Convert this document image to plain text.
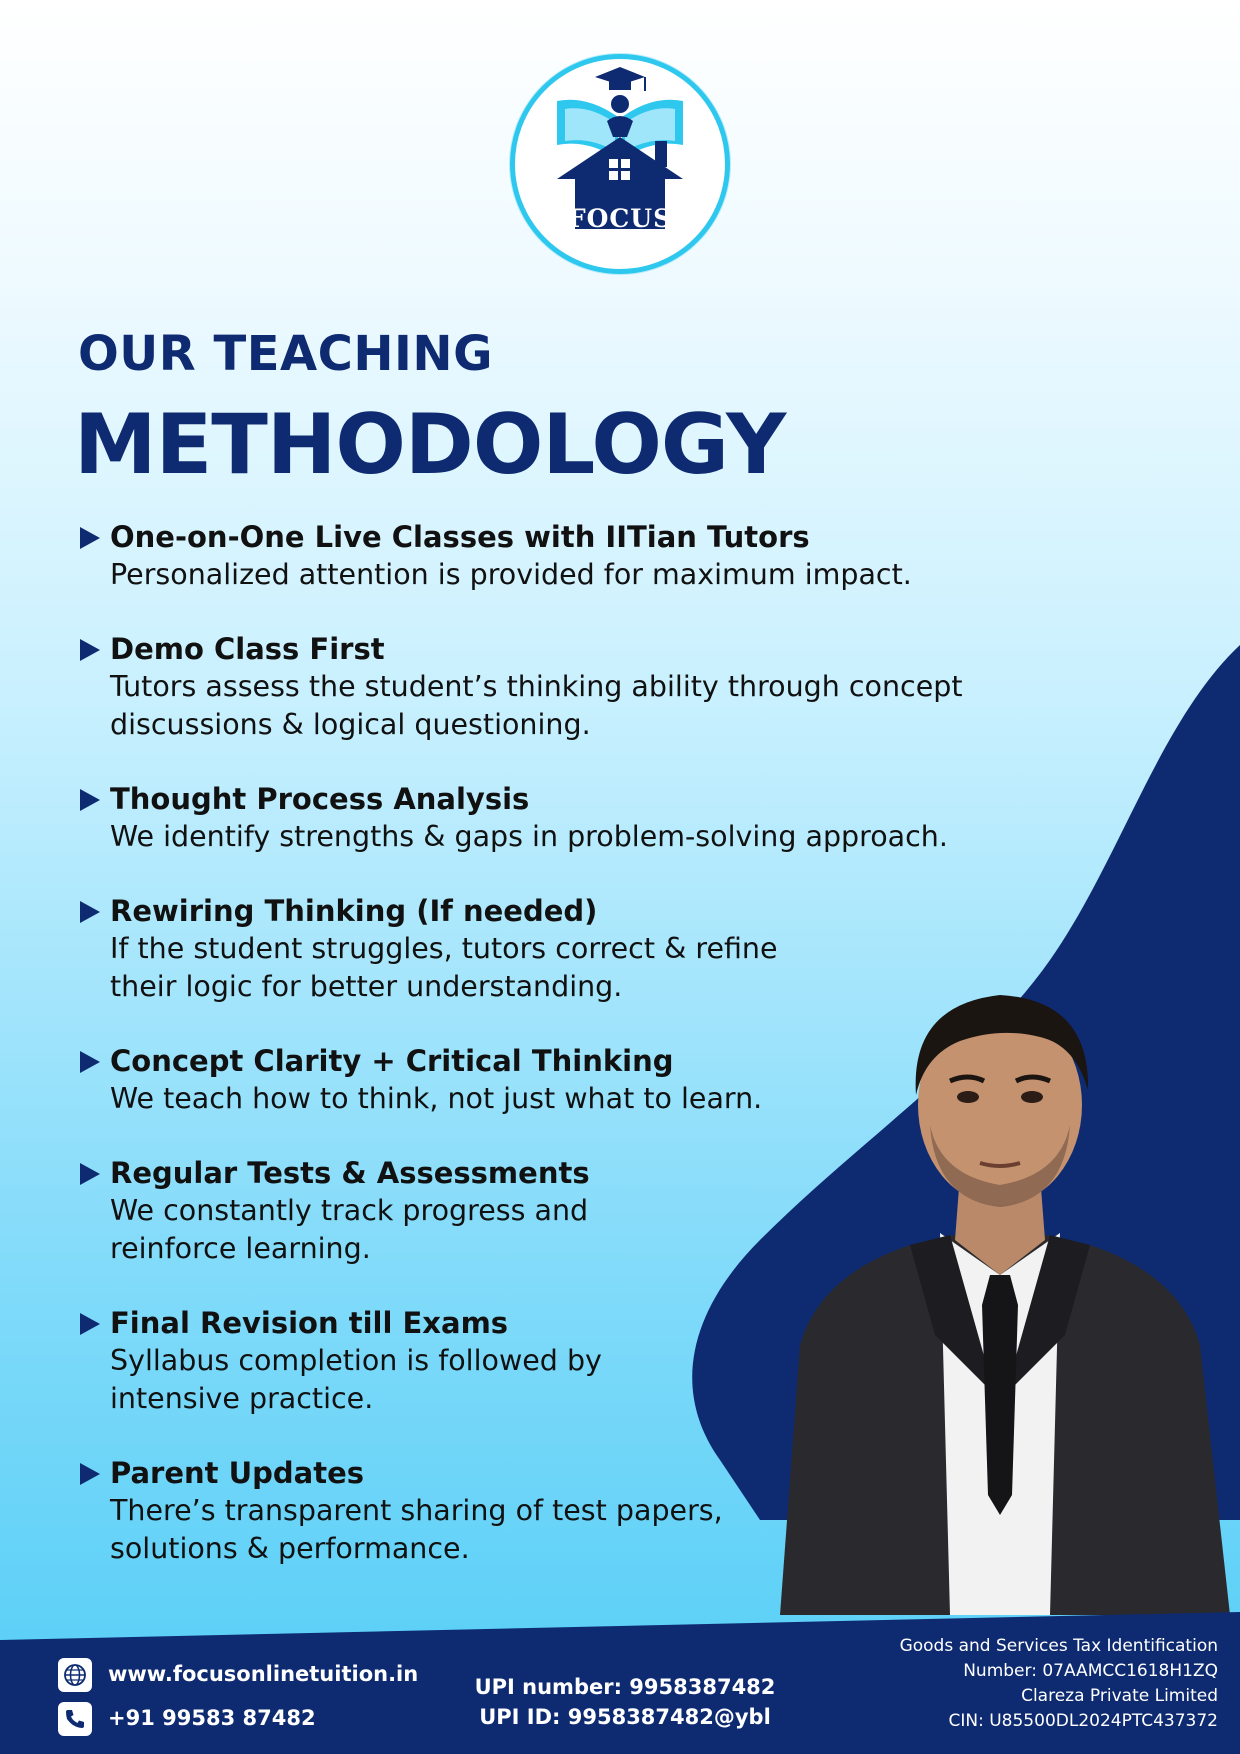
FOCUS
OUR TEACHING
METHODOLOGY
One-on-One Live Classes with IITian Tutors
Personalized attention is provided for maximum impact.
Demo Class First
Tutors assess the student’s thinking ability through concept discussions & logical questioning.
Thought Process Analysis
We identify strengths & gaps in problem-solving approach.
Rewiring Thinking (If needed)
If the student struggles, tutors correct & refine their logic for better understanding.
Concept Clarity + Critical Thinking
We teach how to think, not just what to learn.
Regular Tests & Assessments
We constantly track progress and reinforce learning.
Final Revision till Exams
Syllabus completion is followed by intensive practice.
Parent Updates
There’s transparent sharing of test papers, solutions & performance.
www.focusonlinetuition.in
+91 99583 87482
UPI number: 9958387482
UPI ID: 9958387482@ybl
Goods and Services Tax Identification
Number: 07AAMCC1618H1ZQ
Clareza Private Limited
CIN: U85500DL2024PTC437372
